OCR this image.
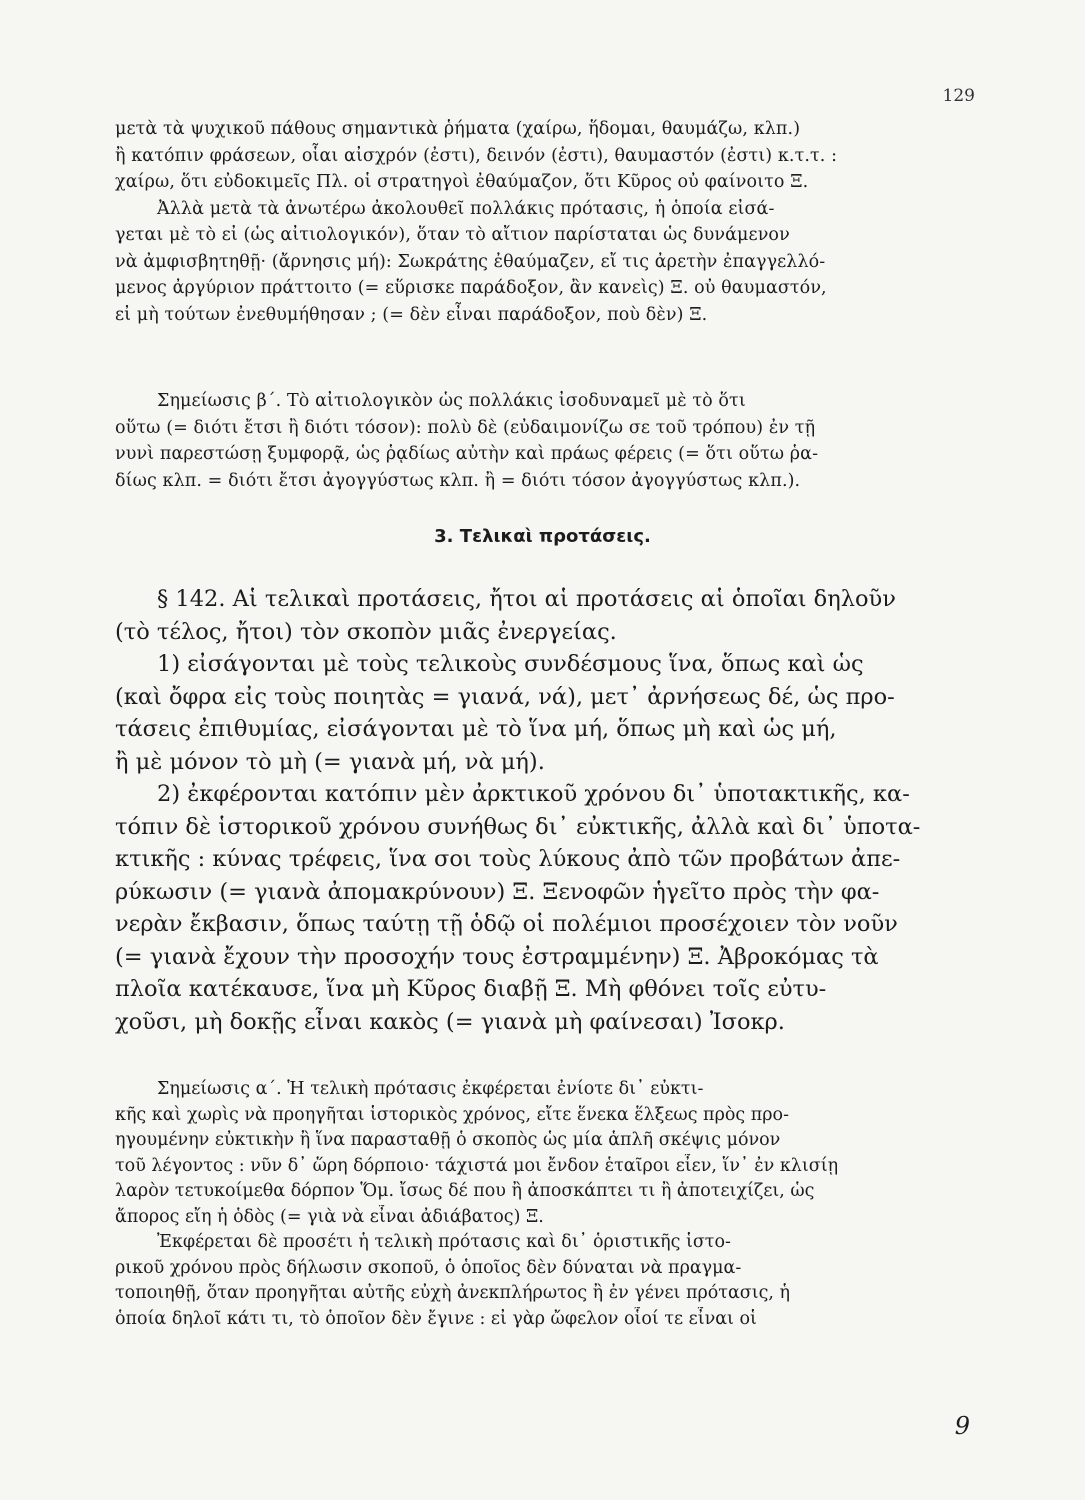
129
μετὰ τὰ ψυχικοῦ πάθους σημαντικὰ ῥήματα (χαίρω, ἥδομαι, θαυμάζω, κλπ.)
ἢ κατόπιν φράσεων, οἷαι αἰσχρόν (ἐστι), δεινόν (ἐστι), θαυμαστόν (ἐστι) κ.τ.τ. :
χαίρω, ὅτι εὐδοκιμεῖς Πλ. οἱ στρατηγοὶ ἐθαύμαζον, ὅτι Κῦρος οὐ φαίνοιτο Ξ.
Ἀλλὰ μετὰ τὰ ἀνωτέρω ἀκολουθεῖ πολλάκις πρότασις, ἡ ὁποία εἰσά-
γεται μὲ τὸ εἰ (ὡς αἰτιολογικόν), ὅταν τὸ αἴτιον παρίσταται ὡς δυνάμενον
νὰ ἀμφισβητηθῇ· (ἄρνησις μή): Σωκράτης ἐθαύμαζεν, εἴ τις ἀρετὴν ἐπαγγελλό-
μενος ἀργύριον πράττοιτο (= εὕρισκε παράδοξον, ἂν κανεὶς) Ξ. οὐ θαυμαστόν,
εἰ μὴ τούτων ἐνεθυμήθησαν ; (= δὲν εἶναι παράδοξον, ποὺ δὲν) Ξ.
Σημείωσις β΄. Τὸ αἰτιολογικὸν ὡς πολλάκις ἰσοδυναμεῖ μὲ τὸ ὅτι
οὕτω (= διότι ἔτσι ἢ διότι τόσον): πολὺ δὲ (εὐδαιμονίζω σε τοῦ τρόπου) ἐν τῇ
νυνὶ παρεστώσῃ ξυμφορᾷ, ὡς ῥᾳδίως αὐτὴν καὶ πράως φέρεις (= ὅτι οὕτω ῥα-
δίως κλπ. = διότι ἔτσι ἀγογγύστως κλπ. ἢ = διότι τόσον ἀγογγύστως κλπ.).
3. Τελικαὶ προτάσεις.
§ 142. Αἱ τελικαὶ προτάσεις, ἤτοι αἱ προτάσεις αἱ ὁποῖαι δηλοῦν
(τὸ τέλος, ἤτοι) τὸν σκοπὸν μιᾶς ἐνεργείας.
1) εἰσάγονται μὲ τοὺς τελικοὺς συνδέσμους ἵνα, ὅπως καὶ ὡς
(καὶ ὄφρα εἰς τοὺς ποιητὰς = γιανά, νά), μετ᾽ ἀρνήσεως δέ, ὡς προ-
τάσεις ἐπιθυμίας, εἰσάγονται μὲ τὸ ἵνα μή, ὅπως μὴ καὶ ὡς μή,
ἢ μὲ μόνον τὸ μὴ (= γιανὰ μή, νὰ μή).
2) ἐκφέρονται κατόπιν μὲν ἀρκτικοῦ χρόνου δι᾽ ὑποτακτικῆς, κα-
τόπιν δὲ ἱστορικοῦ χρόνου συνήθως δι᾽ εὐκτικῆς, ἀλλὰ καὶ δι᾽ ὑποτα-
κτικῆς : κύνας τρέφεις, ἵνα σοι τοὺς λύκους ἀπὸ τῶν προβάτων ἀπε-
ρύκωσιν (= γιανὰ ἀπομακρύνουν) Ξ. Ξενοφῶν ἡγεῖτο πρὸς τὴν φα-
νερὰν ἔκβασιν, ὅπως ταύτῃ τῇ ὁδῷ οἱ πολέμιοι προσέχοιεν τὸν νοῦν
(= γιανὰ ἔχουν τὴν προσοχήν τους ἐστραμμένην) Ξ. Ἀβροκόμας τὰ
πλοῖα κατέκαυσε, ἵνα μὴ Κῦρος διαβῇ Ξ. Μὴ φθόνει τοῖς εὐτυ-
χοῦσι, μὴ δοκῇς εἶναι κακὸς (= γιανὰ μὴ φαίνεσαι) Ἰσοκρ.
Σημείωσις α΄. Ἡ τελικὴ πρότασις ἐκφέρεται ἐνίοτε δι᾽ εὐκτι-
κῆς καὶ χωρὶς νὰ προηγῆται ἱστορικὸς χρόνος, εἴτε ἕνεκα ἕλξεως πρὸς προ-
ηγουμένην εὐκτικὴν ἢ ἵνα παρασταθῇ ὁ σκοπὸς ὡς μία ἁπλῆ σκέψις μόνον
τοῦ λέγοντος : νῦν δ᾽ ὥρη δόρποιο· τάχιστά μοι ἔνδον ἑταῖροι εἶεν, ἵν᾽ ἐν κλισίῃ
λαρὸν τετυκοίμεθα δόρπον Ὅμ. ἴσως δέ που ἢ ἀποσκάπτει τι ἢ ἀποτειχίζει, ὡς
ἄπορος εἴη ἡ ὁδὸς (= γιὰ νὰ εἶναι ἀδιάβατος) Ξ.
Ἐκφέρεται δὲ προσέτι ἡ τελικὴ πρότασις καὶ δι᾽ ὁριστικῆς ἱστο-
ρικοῦ χρόνου πρὸς δήλωσιν σκοποῦ, ὁ ὁποῖος δὲν δύναται νὰ πραγμα-
τοποιηθῇ, ὅταν προηγῆται αὐτῆς εὐχὴ ἀνεκπλήρωτος ἢ ἐν γένει πρότασις, ἡ
ὁποία δηλοῖ κάτι τι, τὸ ὁποῖον δὲν ἔγινε : εἰ γὰρ ὤφελον οἷοί τε εἶναι οἱ
9
